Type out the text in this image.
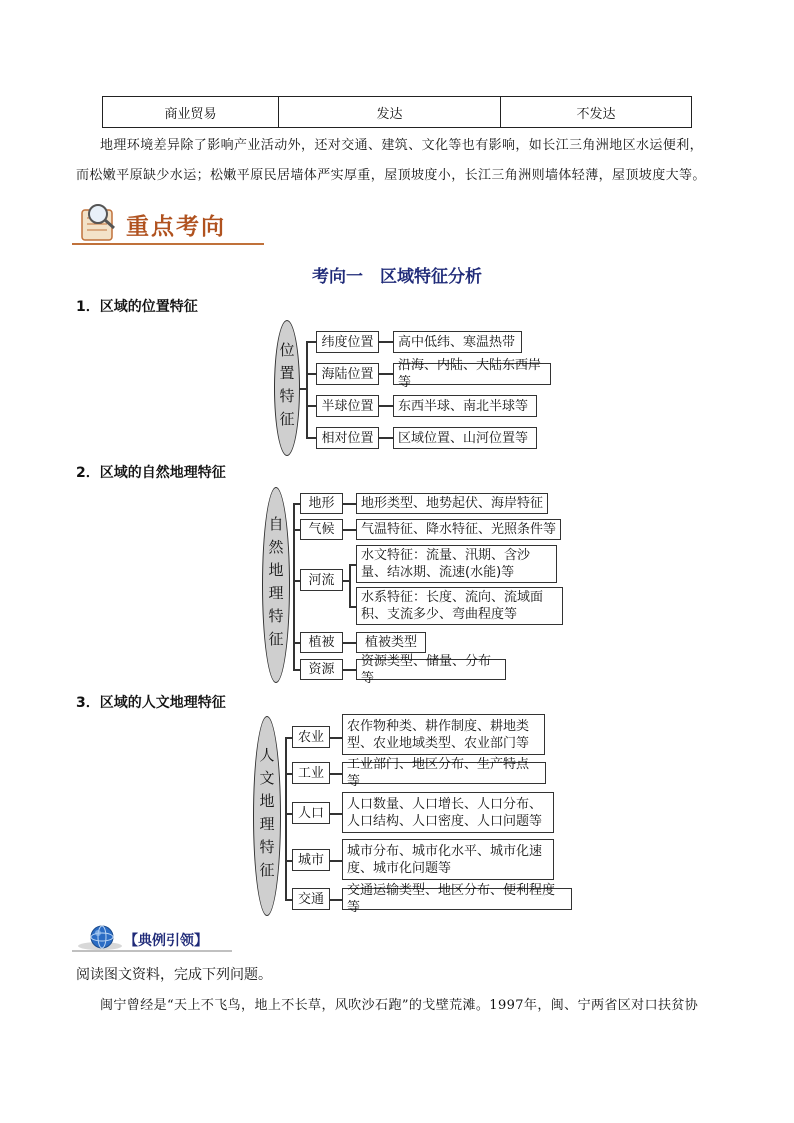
商业贸易	发达	不发达
地理环境差异除了影响产业活动外，还对交通、建筑、文化等也有影响，如长江三角洲地区水运便利，
而松嫩平原缺少水运；松嫩平原民居墙体严实厚重，屋顶坡度小，长江三角洲则墙体轻薄，屋顶坡度大等。
重点考向
考向一　区域特征分析
1．区域的位置特征
位置特征	纬度位置	高中低纬、寒温热带
海陆位置
沿海、内陆、大陆东西岸等
半球位置	东西半球、南北半球等
相对位置	区域位置、山河位置等
2．区域的自然地理特征
自然地理特征
地形	地形类型、地势起伏、海岸特征
气候	气温特征、降水特征、光照条件等
河流
水文特征：流量、汛期、含沙量、结冰期、流速(水能)等
水系特征：长度、流向、流域面积、支流多少、弯曲程度等
植被	植被类型
资源
资源类型、储量、分布等
3．区域的人文地理特征
人文地理特征
农业
农作物种类、耕作制度、耕地类型、农业地域类型、农业部门等
工业
工业部门、地区分布、生产特点等
人口
人口数量、人口增长、人口分布、人口结构、人口密度、人口问题等
城市
城市分布、城市化水平、城市化速度、城市化问题等
交通
交通运输类型、地区分布、便利程度等
【典例引领】
阅读图文资料，完成下列问题。
闽宁曾经是“天上不飞鸟，地上不长草，风吹沙石跑”的戈壁荒滩。1997年，闽、宁两省区对口扶贫协
